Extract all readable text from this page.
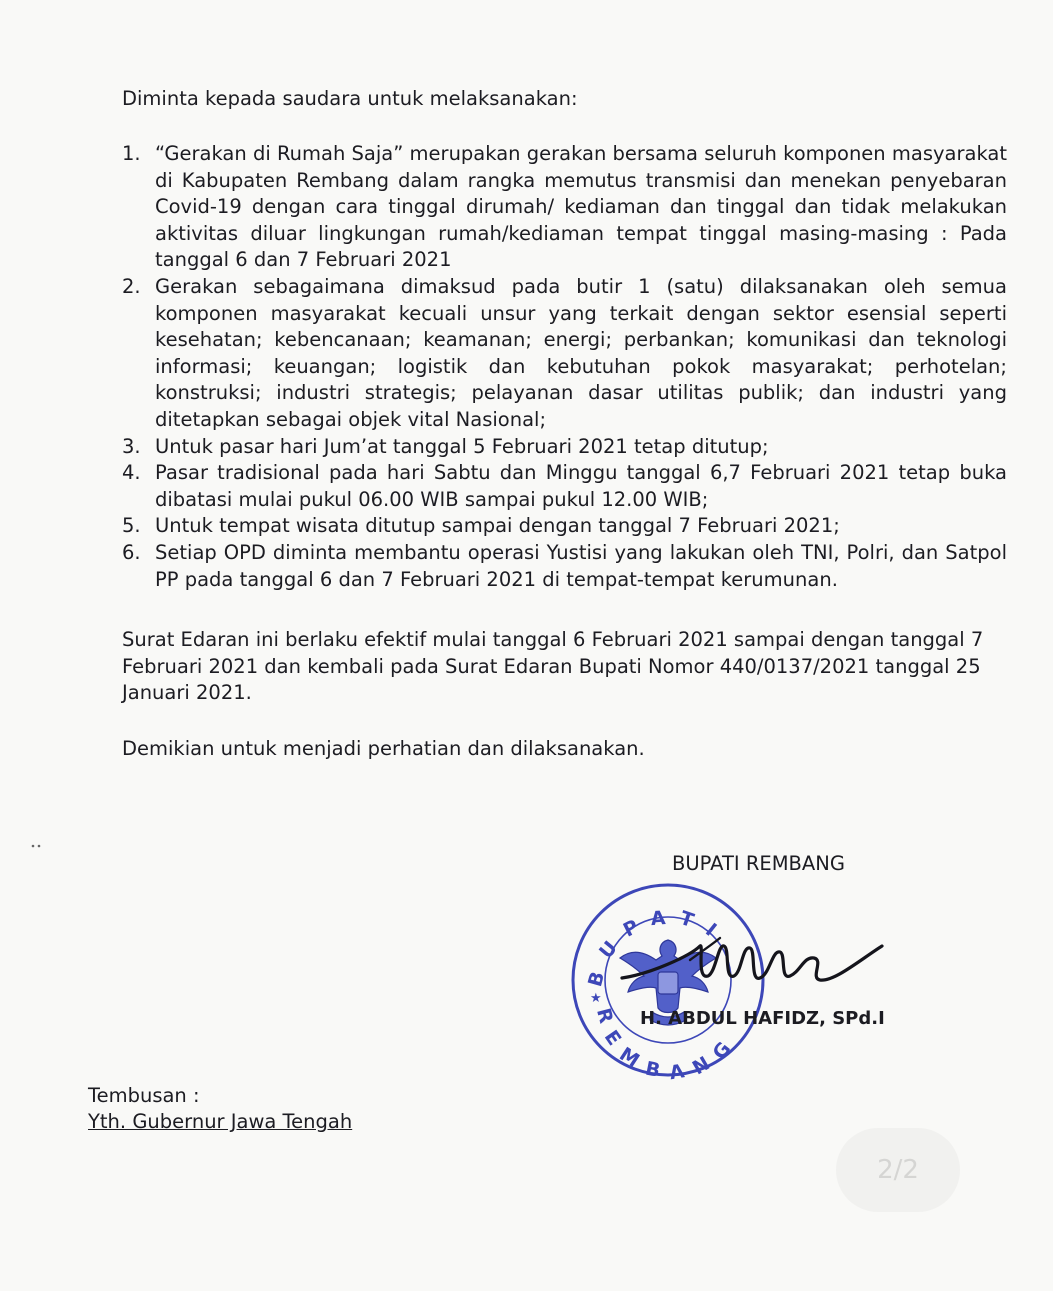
Diminta kepada saudara untuk melaksanakan:

1. “Gerakan di Rumah Saja” merupakan gerakan bersama seluruh komponen masyarakat di Kabupaten Rembang dalam rangka memutus transmisi dan menekan penyebaran Covid-19 dengan cara tinggal dirumah/ kediaman dan tinggal dan tidak melakukan aktivitas diluar lingkungan rumah/kediaman tempat tinggal masing-masing : Pada tanggal 6 dan 7 Februari 2021
2. Gerakan sebagaimana dimaksud pada butir 1 (satu) dilaksanakan oleh semua komponen masyarakat kecuali unsur yang terkait dengan sektor esensial seperti kesehatan; kebencanaan; keamanan; energi; perbankan; komunikasi dan teknologi informasi; keuangan; logistik dan kebutuhan pokok masyarakat; perhotelan; konstruksi; industri strategis; pelayanan dasar utilitas publik; dan industri yang ditetapkan sebagai objek vital Nasional;
3. Untuk pasar hari Jum’at tanggal 5 Februari 2021 tetap ditutup;
4. Pasar tradisional pada hari Sabtu dan Minggu tanggal 6,7 Februari 2021 tetap buka dibatasi mulai pukul 06.00 WIB sampai pukul 12.00 WIB;
5. Untuk tempat wisata ditutup sampai dengan tanggal 7 Februari 2021;
6. Setiap OPD diminta membantu operasi Yustisi yang lakukan oleh TNI, Polri, dan Satpol PP pada tanggal 6 dan 7 Februari 2021 di tempat-tempat kerumunan.

Surat Edaran ini berlaku efektif mulai tanggal 6 Februari 2021 sampai dengan tanggal 7 Februari 2021 dan kembali pada Surat Edaran Bupati Nomor 440/0137/2021 tanggal 25 Januari 2021.

Demikian untuk menjadi perhatian dan dilaksanakan.

BUPATI REMBANG

BUPATI
REMBANG
★

H. ABDUL HAFIDZ, SPd.I

Tembusan :

Yth. Gubernur Jawa Tengah

2/2
